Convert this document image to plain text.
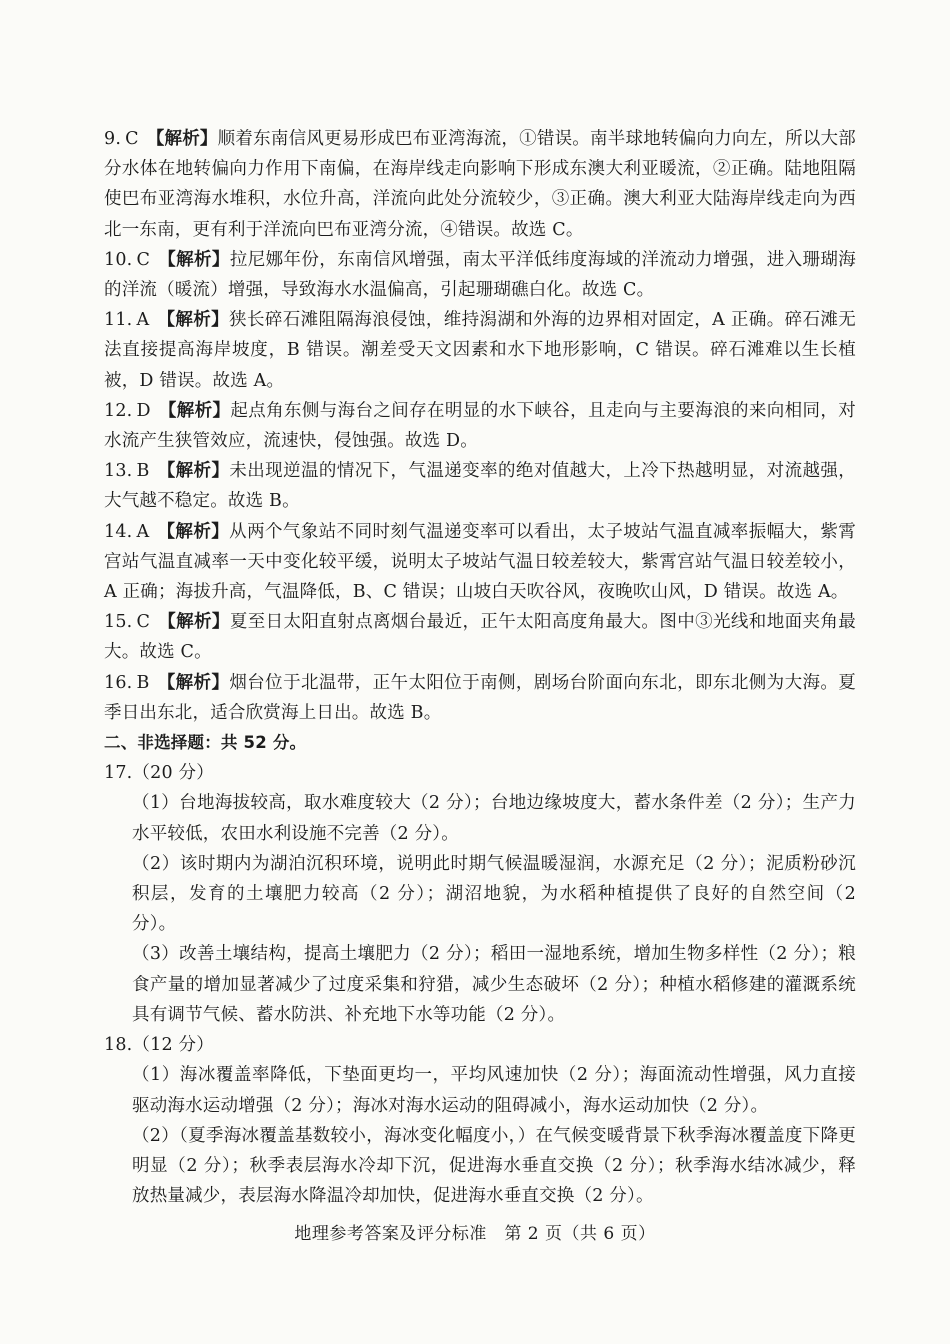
9. C 【解析】顺着东南信风更易形成巴布亚湾海流，①错误。南半球地转偏向力向左，所以大部分水体在地转偏向力作用下南偏，在海岸线走向影响下形成东澳大利亚暖流，②正确。陆地阻隔使巴布亚湾海水堆积，水位升高，洋流向此处分流较少，③正确。澳大利亚大陆海岸线走向为西北一东南，更有利于洋流向巴布亚湾分流，④错误。故选 C。

10. C 【解析】拉尼娜年份，东南信风增强，南太平洋低纬度海域的洋流动力增强，进入珊瑚海的洋流（暖流）增强，导致海水水温偏高，引起珊瑚礁白化。故选 C。

11. A 【解析】狭长碎石滩阻隔海浪侵蚀，维持潟湖和外海的边界相对固定，A 正确。碎石滩无法直接提高海岸坡度，B 错误。潮差受天文因素和水下地形影响，C 错误。碎石滩难以生长植被，D 错误。故选 A。

12. D 【解析】起点角东侧与海台之间存在明显的水下峡谷，且走向与主要海浪的来向相同，对水流产生狭管效应，流速快，侵蚀强。故选 D。

13. B 【解析】未出现逆温的情况下，气温递变率的绝对值越大，上冷下热越明显，对流越强，大气越不稳定。故选 B。

14. A 【解析】从两个气象站不同时刻气温递变率可以看出，太子坡站气温直减率振幅大，紫霄宫站气温直减率一天中变化较平缓，说明太子坡站气温日较差较大，紫霄宫站气温日较差较小，A 正确；海拔升高，气温降低，B、C 错误；山坡白天吹谷风，夜晚吹山风，D 错误。故选 A。

15. C 【解析】夏至日太阳直射点离烟台最近，正午太阳高度角最大。图中③光线和地面夹角最大。故选 C。

16. B 【解析】烟台位于北温带，正午太阳位于南侧，剧场台阶面向东北，即东北侧为大海。夏季日出东北，适合欣赏海上日出。故选 B。

二、非选择题：共 52 分。

17.（20 分）

（1）台地海拔较高，取水难度较大（2 分）；台地边缘坡度大，蓄水条件差（2 分）；生产力水平较低，农田水利设施不完善（2 分）。

（2）该时期内为湖泊沉积环境，说明此时期气候温暖湿润，水源充足（2 分）；泥质粉砂沉积层，发育的土壤肥力较高（2 分）；湖沼地貌，为水稻种植提供了良好的自然空间（2 分）。

（3）改善土壤结构，提高土壤肥力（2 分）；稻田一湿地系统，增加生物多样性（2 分）；粮食产量的增加显著减少了过度采集和狩猎，减少生态破坏（2 分）；种植水稻修建的灌溉系统具有调节气候、蓄水防洪、补充地下水等功能（2 分）。

18.（12 分）

（1）海冰覆盖率降低，下垫面更均一，平均风速加快（2 分）；海面流动性增强，风力直接驱动海水运动增强（2 分）；海冰对海水运动的阻碍减小，海水运动加快（2 分）。

（2）（夏季海冰覆盖基数较小，海冰变化幅度小，）在气候变暖背景下秋季海冰覆盖度下降更明显（2 分）；秋季表层海水冷却下沉，促进海水垂直交换（2 分）；秋季海水结冰减少，释放热量减少，表层海水降温冷却加快，促进海水垂直交换（2 分）。

地理参考答案及评分标准　第 2 页（共 6 页）
